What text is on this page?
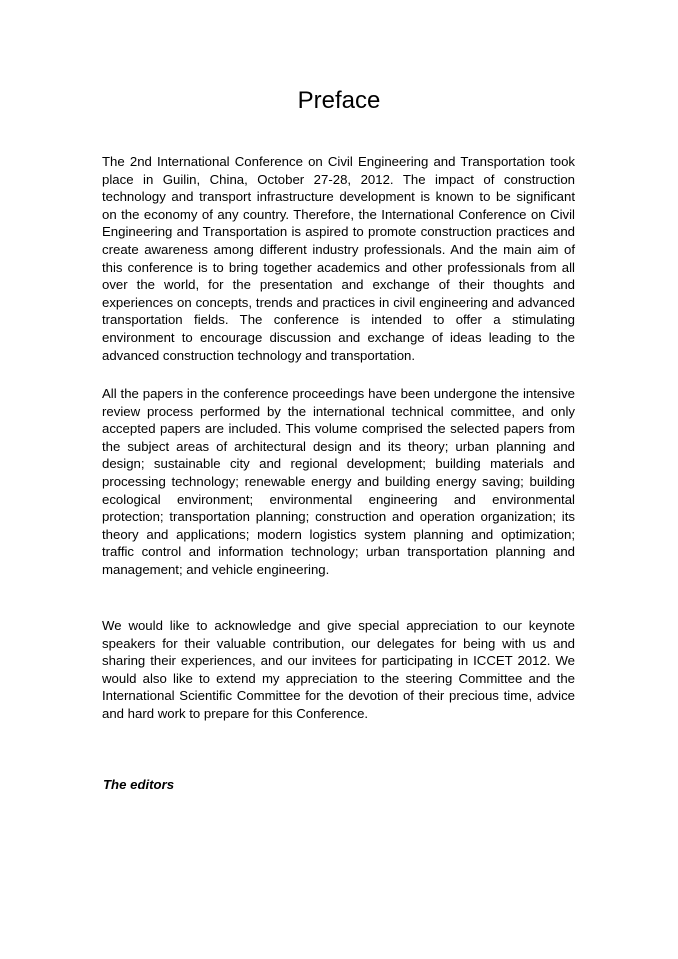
Preface

The 2nd International Conference on Civil Engineering and Transportation took place in Guilin, China, October 27-28, 2012. The impact of construction technology and transport infrastructure development is known to be significant on the economy of any country. Therefore, the International Conference on Civil Engineering and Transportation is aspired to promote construction practices and create awareness among different industry professionals. And the main aim of this conference is to bring together academics and other professionals from all over the world, for the presentation and exchange of their thoughts and experiences on concepts, trends and practices in civil engineering and advanced transportation fields. The conference is intended to offer a stimulating environment to encourage discussion and exchange of ideas leading to the advanced construction technology and transportation.

All the papers in the conference proceedings have been undergone the intensive review process performed by the international technical committee, and only accepted papers are included. This volume comprised the selected papers from the subject areas of architectural design and its theory; urban planning and design; sustainable city and regional development; building materials and processing technology; renewable energy and building energy saving; building ecological environment; environmental engineering and environmental protection; transportation planning; construction and operation organization; its theory and applications; modern logistics system planning and optimization; traffic control and information technology; urban transportation planning and management; and vehicle engineering.

We would like to acknowledge and give special appreciation to our keynote speakers for their valuable contribution, our delegates for being with us and sharing their experiences, and our invitees for participating in ICCET 2012. We would also like to extend my appreciation to the steering Committee and the International Scientific Committee for the devotion of their precious time, advice and hard work to prepare for this Conference.

The editors
